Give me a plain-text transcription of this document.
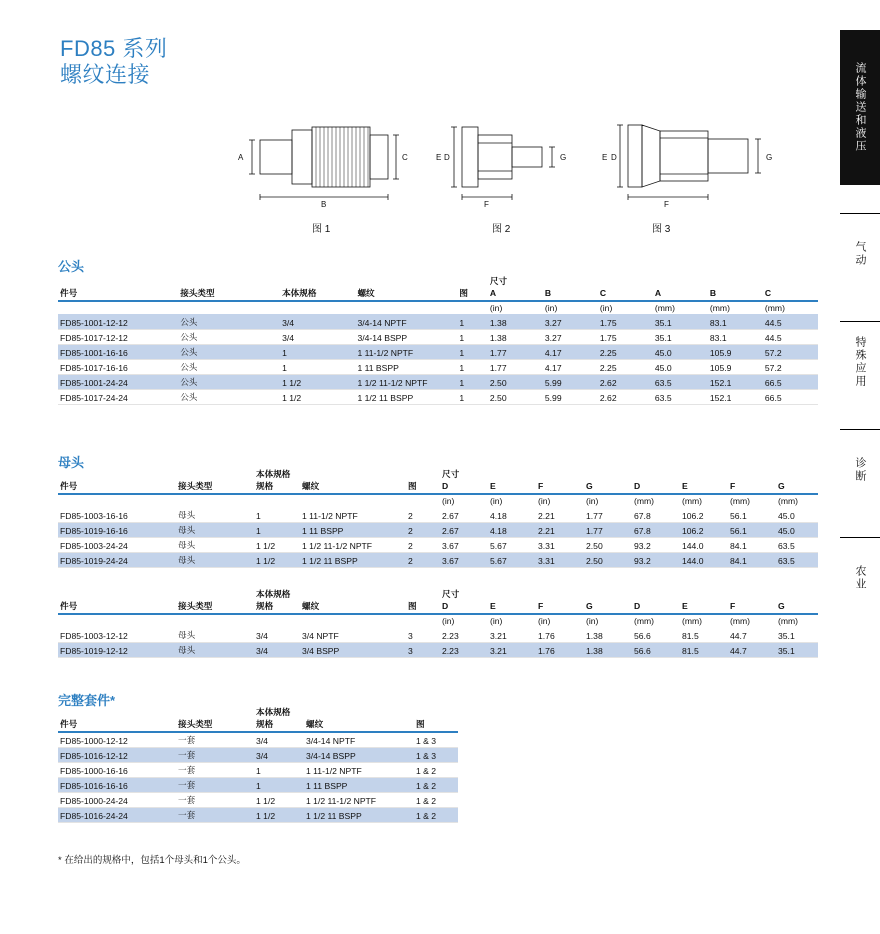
FD85 系列
螺纹连接	流体输送和液压
气动
特殊应用
诊断
农业
A	C
B
E D	G
F
E D	G
F
图 1	图 2	图 3
公头
					尺寸					
件号	接头类型	本体规格	螺纹	图	A	B	C	A	B	C

					(in)	(in)	(in)	(mm)	(mm)	(mm)
FD85-1001-12-12	公头	3/4	3/4-14 NPTF	1	1.38	3.27	1.75	35.1	83.1	44.5
FD85-1017-12-12	公头	3/4	3/4-14 BSPP	1	1.38	3.27	1.75	35.1	83.1	44.5
FD85-1001-16-16	公头	1	1 11-1/2 NPTF	1	1.77	4.17	2.25	45.0	105.9	57.2
FD85-1017-16-16	公头	1	1 11 BSPP	1	1.77	4.17	2.25	45.0	105.9	57.2
FD85-1001-24-24	公头	1 1/2	1 1/2 11-1/2 NPTF	1	2.50	5.99	2.62	63.5	152.1	66.5
FD85-1017-24-24	公头	1 1/2	1 1/2 11 BSPP	1	2.50	5.99	2.62	63.5	152.1	66.5
母头
		本体规格			尺寸							
件号	接头类型	规格	螺纹	图	D	E	F	G	D	E	F	G

					(in)	(in)	(in)	(in)	(mm)	(mm)	(mm)	(mm)
FD85-1003-16-16	母头	1	1 11-1/2 NPTF	2	2.67	4.18	2.21	1.77	67.8	106.2	56.1	45.0
FD85-1019-16-16	母头	1	1 11 BSPP	2	2.67	4.18	2.21	1.77	67.8	106.2	56.1	45.0
FD85-1003-24-24	母头	1 1/2	1 1/2 11-1/2 NPTF	2	3.67	5.67	3.31	2.50	93.2	144.0	84.1	63.5
FD85-1019-24-24	母头	1 1/2	1 1/2 11 BSPP	2	3.67	5.67	3.31	2.50	93.2	144.0	84.1	63.5
		本体规格			尺寸							
件号	接头类型	规格	螺纹	图	D	E	F	G	D	E	F	G

					(in)	(in)	(in)	(in)	(mm)	(mm)	(mm)	(mm)
FD85-1003-12-12	母头	3/4	3/4 NPTF	3	2.23	3.21	1.76	1.38	56.6	81.5	44.7	35.1
FD85-1019-12-12	母头	3/4	3/4 BSPP	3	2.23	3.21	1.76	1.38	56.6	81.5	44.7	35.1
完整套件*
		本体规格		
件号	接头类型	规格	螺纹	图

FD85-1000-12-12	一套	3/4	3/4-14 NPTF	1 & 3
FD85-1016-12-12	一套	3/4	3/4-14 BSPP	1 & 3
FD85-1000-16-16	一套	1	1 11-1/2 NPTF	1 & 2
FD85-1016-16-16	一套	1	1 11 BSPP	1 & 2
FD85-1000-24-24	一套	1 1/2	1 1/2 11-1/2 NPTF	1 & 2
FD85-1016-24-24	一套	1 1/2	1 1/2 11 BSPP	1 & 2
* 在给出的规格中，包括1个母头和1个公头。
